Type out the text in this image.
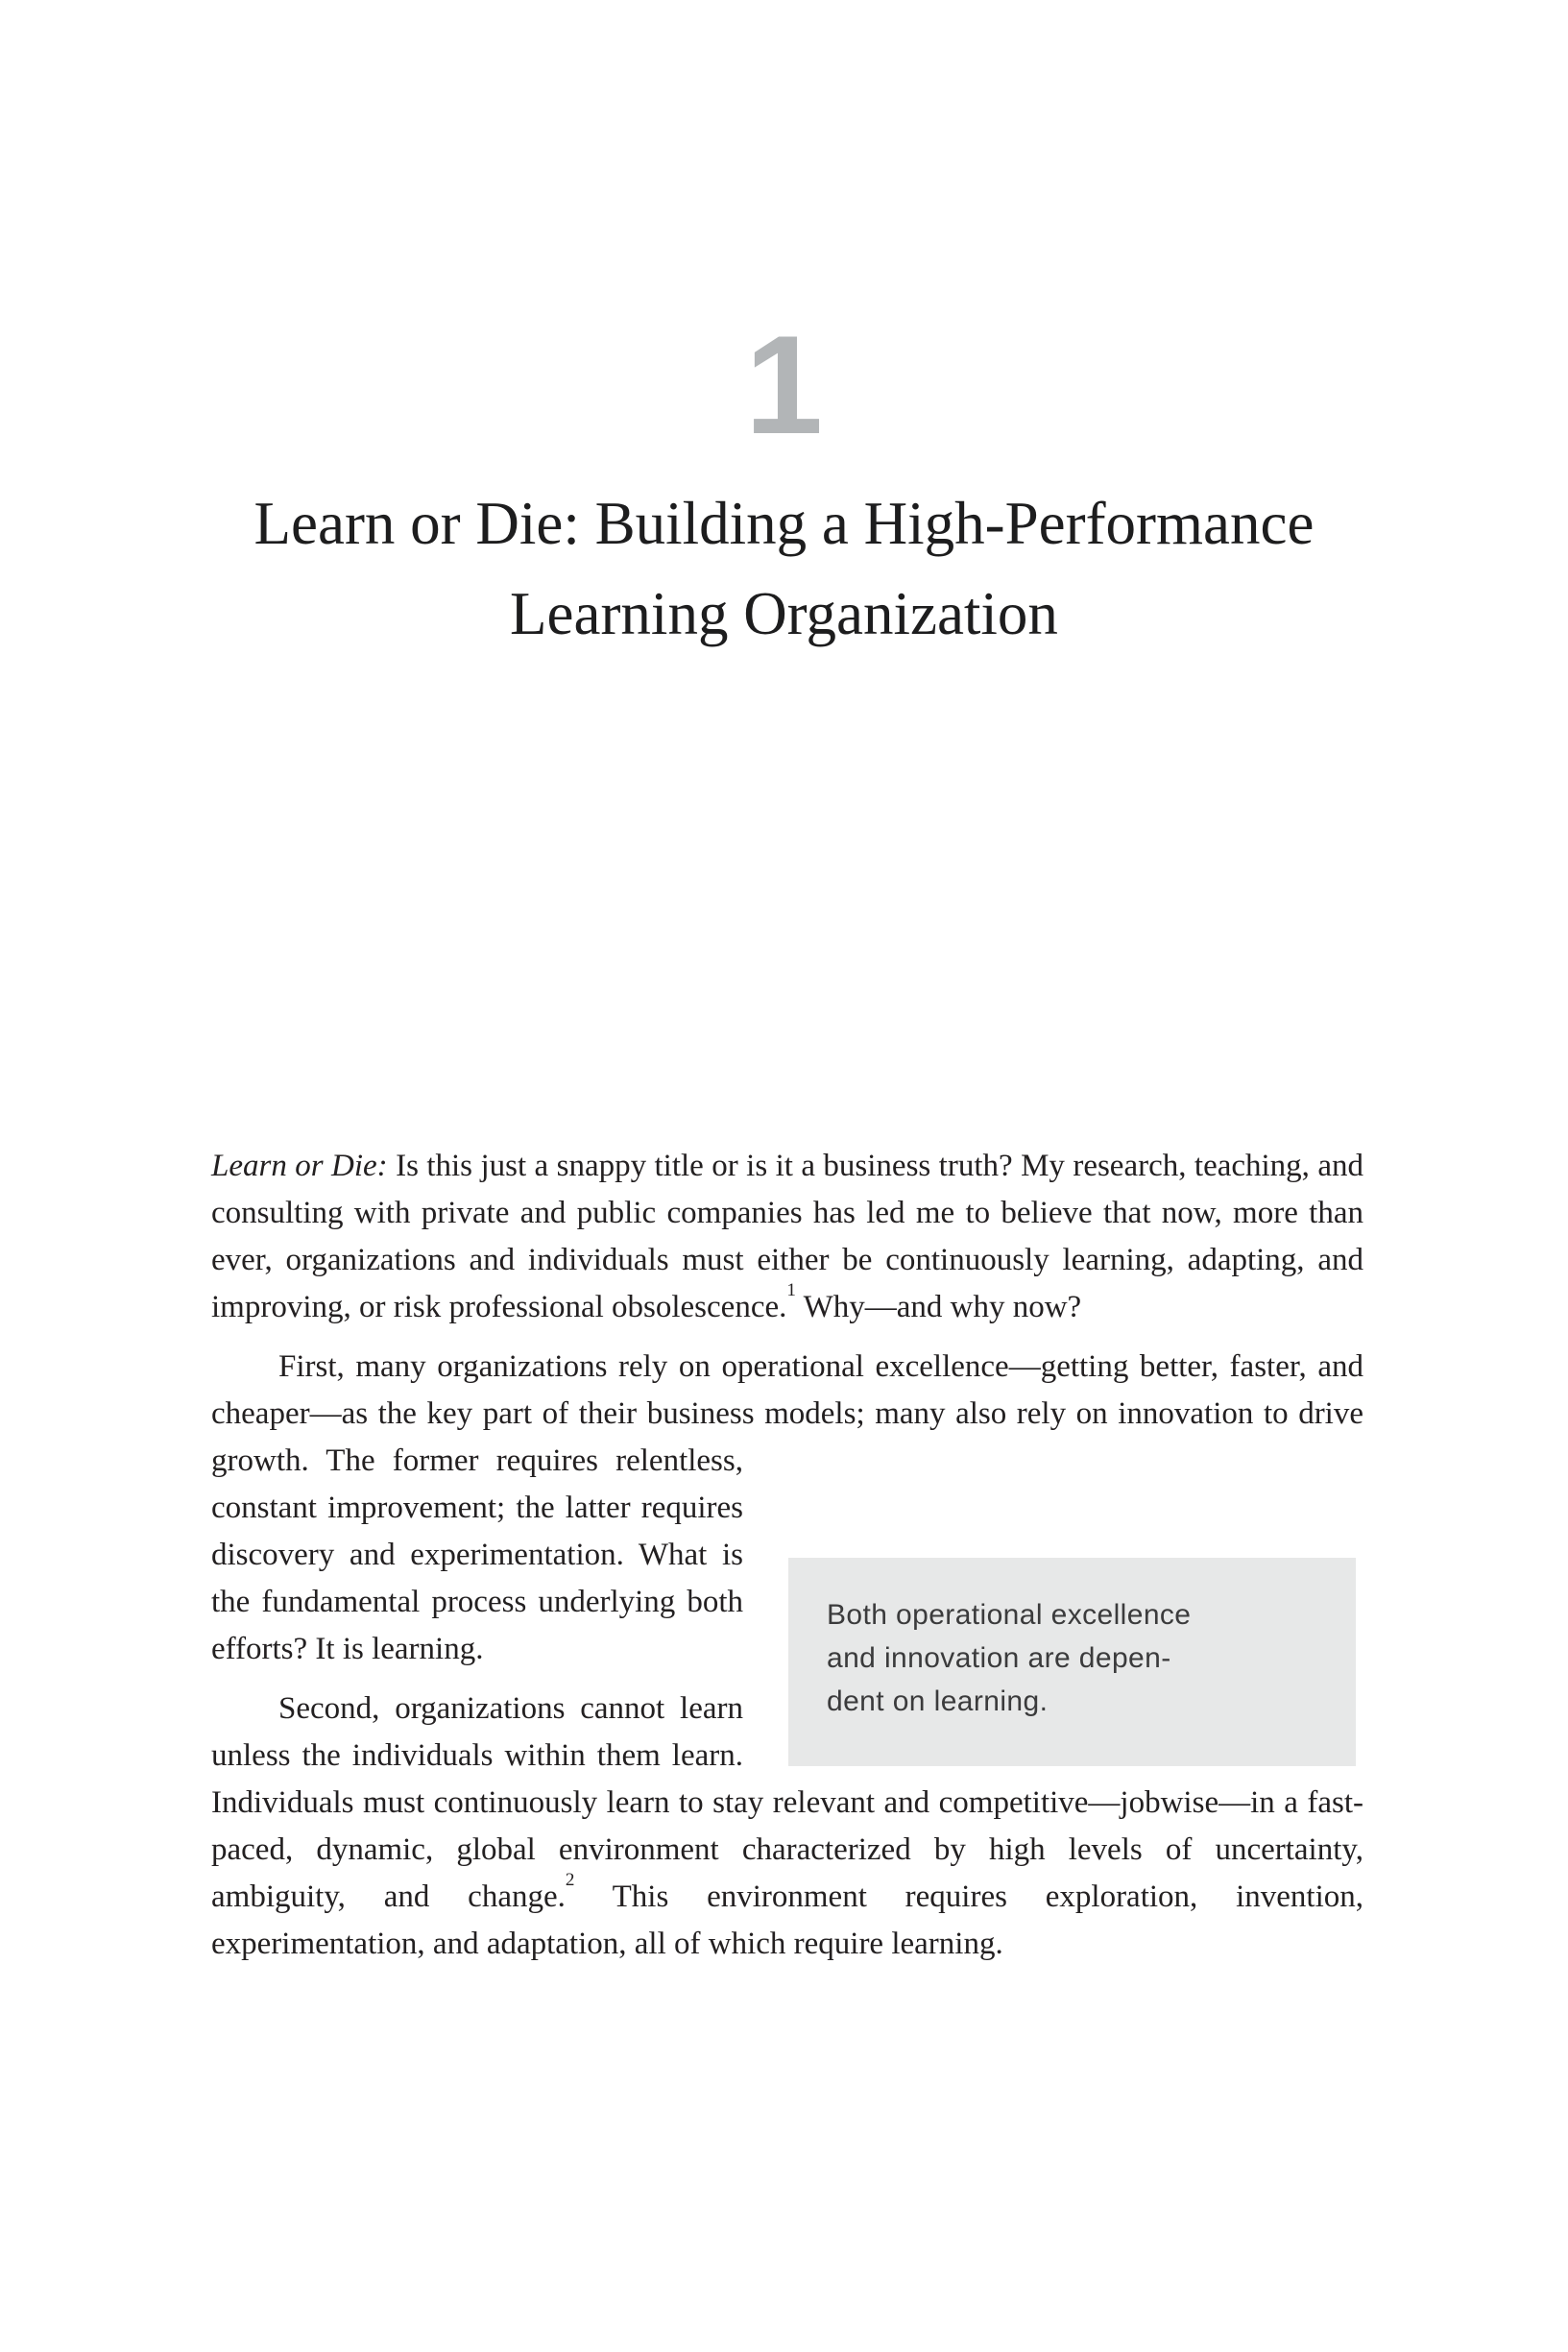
1
Learn or Die: Building a High-Performance
Learning Organization

Learn or Die: Is this just a snappy title or is it a business truth? My research, teaching, and consulting with private and public companies has led me to believe that now, more than ever, organizations and individuals must either be continuously learning, adapting, and improving, or risk professional obsolescence.$^1$ Why—and why now?

First, many organizations rely on operational excellence—getting better, faster, and cheaper—as the key part of their business models;
many also rely on innovation to drive growth. The former requires relentless, constant improvement; the latter requires discovery and experimentation. What is the fundamental process underlying both efforts? It is learning.

Both operational excellence
and innovation are depen-
dent on learning.

Second, organizations cannot learn unless the individuals within them learn. Individuals must continuously learn to stay relevant and competitive—jobwise—in a fast-paced, dynamic, global environment characterized by high levels of uncertainty, ambiguity, and change.$^2$ This environment requires exploration, invention, experimentation, and adaptation, all of which require learning.
